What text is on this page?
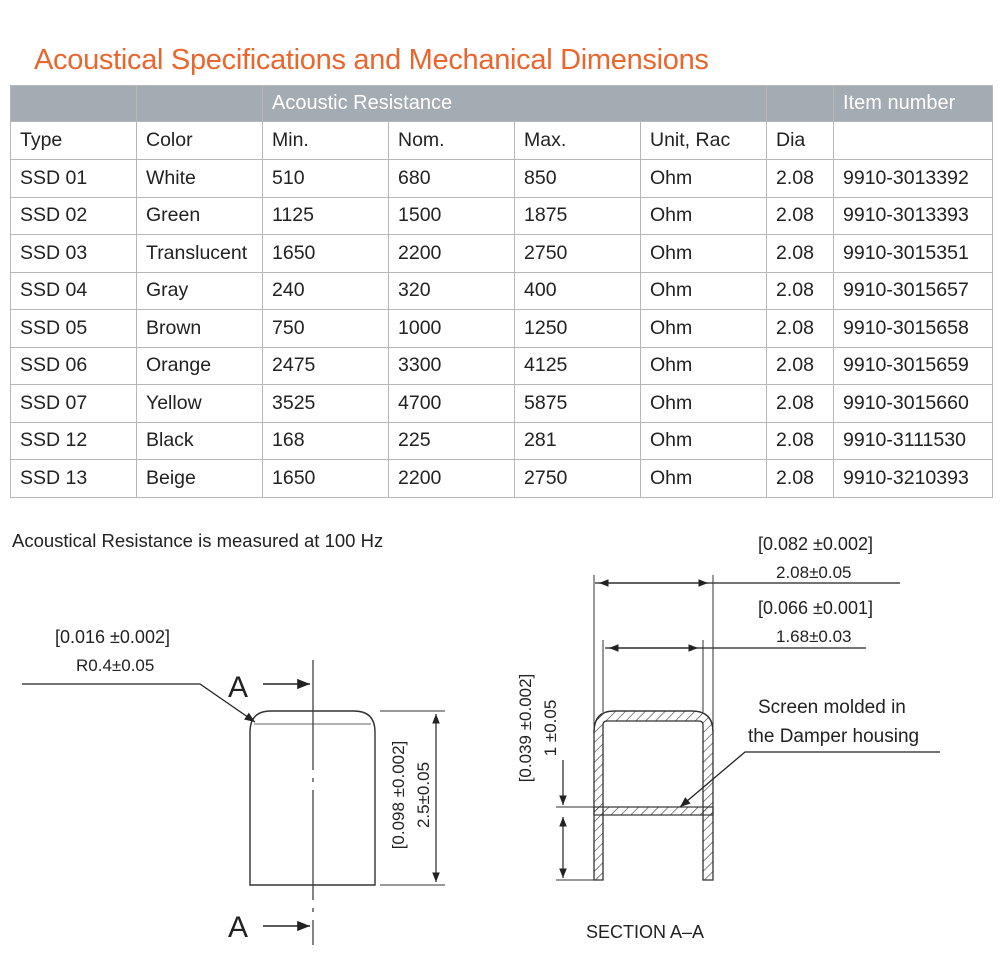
Acoustical Specifications and Mechanical Dimensions
		Acoustic Resistance					Item number
Type	Color	Min.	Nom.	Max.	Unit, Rac	Dia	
SSD 01	White	510	680	850	Ohm	2.08	9910-3013392
SSD 02	Green	1125	1500	1875	Ohm	2.08	9910-3013393
SSD 03	Translucent	1650	2200	2750	Ohm	2.08	9910-3015351
SSD 04	Gray	240	320	400	Ohm	2.08	9910-3015657
SSD 05	Brown	750	1000	1250	Ohm	2.08	9910-3015658
SSD 06	Orange	2475	3300	4125	Ohm	2.08	9910-3015659
SSD 07	Yellow	3525	4700	5875	Ohm	2.08	9910-3015660
SSD 12	Black	168	225	281	Ohm	2.08	9910-3111530
SSD 13	Beige	1650	2200	2750	Ohm	2.08	9910-3210393
Acoustical Resistance is measured at 100 Hz
A
A
[0.016 ±0.002]
R0.4±0.05
[0.098 ±0.002] 2.5±0.05
[0.082 ±0.002]
2.08±0.05
[0.066 ±0.001]
1.68±0.03
[0.039 ±0.002] 1 ±0.05	Screen molded in
the Damper housing
SECTION A–A
